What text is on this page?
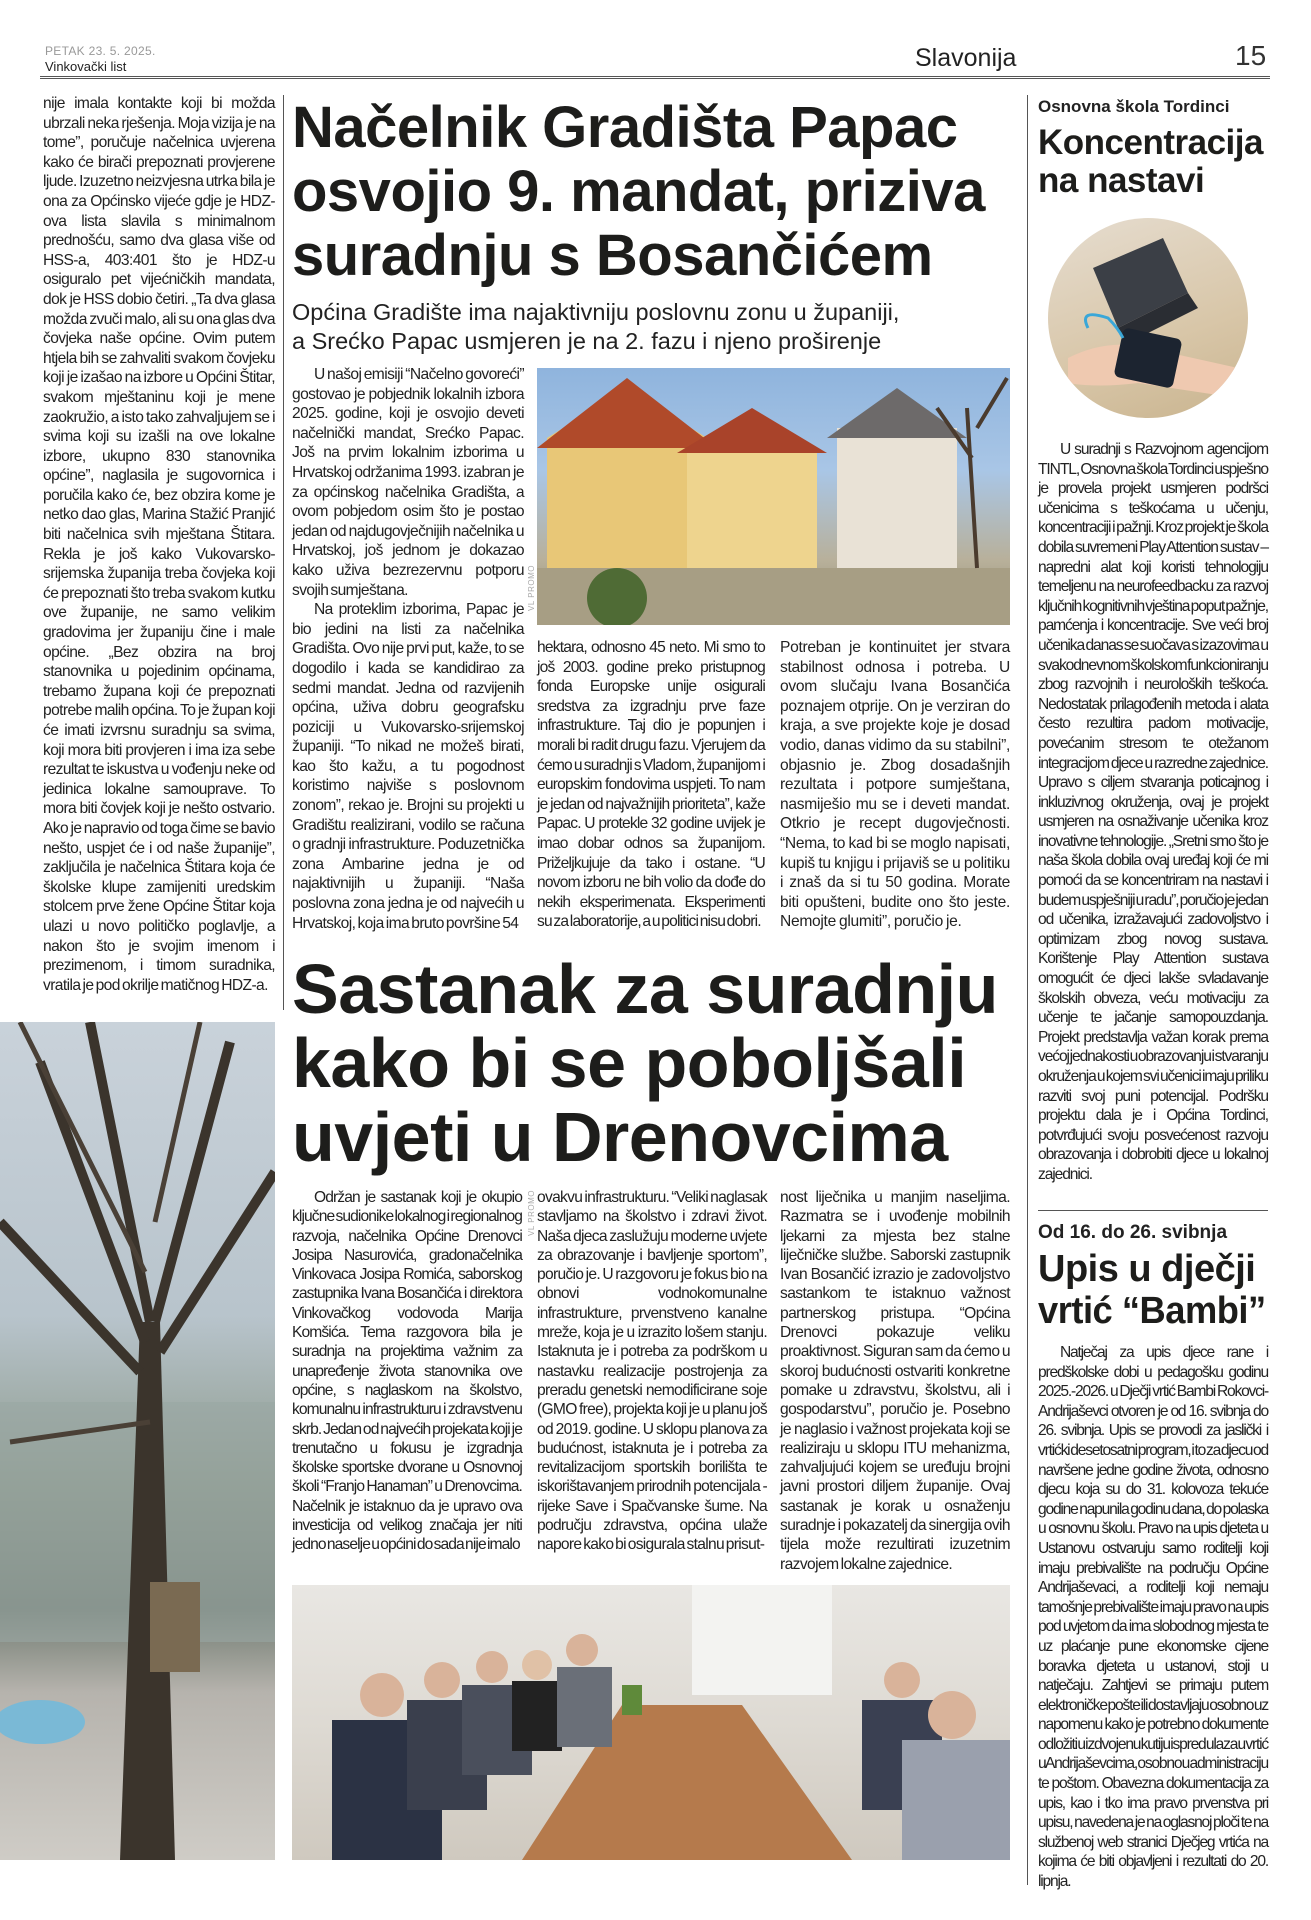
PETAK 23. 5. 2025.
Vinkovački list	Slavonija	15

nije imala kontakte koji bi možda ubrzali neka rješenja. Moja vizija je na tome”, poručuje načelnica uvjerena kako će birači prepoznati provjerene ljude. Izuzetno neizvjesna utrka bila je ona za Općinsko vijeće gdje je HDZ-ova lista slavila s minimalnom prednošću, samo dva glasa više od HSS-a, 403:401 što je HDZ-u osiguralo pet vijećničkih mandata, dok je HSS dobio četiri. „Ta dva glasa možda zvuči malo, ali su ona glas dva čovjeka naše općine. Ovim putem htjela bih se zahvaliti svakom čovjeku koji je izašao na izbore u Općini Štitar, svakom mještaninu koji je mene zaokružio, a isto tako zahvaljujem se i svima koji su izašli na ove lokalne izbore, ukupno 830 stanovnika općine”, naglasila je sugovornica i poručila kako će, bez obzira kome je netko dao glas, Marina Stažić Pranjić biti načelnica svih mještana Štitara. Rekla je još kako Vukovarsko-srijemska županija treba čovjeka koji će prepoznati što treba svakom kutku ove županije, ne samo velikim gradovima jer županiju čine i male općine. „Bez obzira na broj stanovnika u pojedinim općinama, trebamo župana koji će prepoznati potrebe malih općina. To je župan koji će imati izvrsnu suradnju sa svima, koji mora biti provjeren i ima iza sebe rezultat te iskustva u vođenju neke od jedinica lokalne samouprave. To mora biti čovjek koji je nešto ostvario. Ako je napravio od toga čime se bavio nešto, uspjet će i od naše županije”, zaključila je načelnica Štitara koja će školske klupe zamijeniti uredskim stolcem prve žene Općine Štitar koja ulazi u novo političko poglavlje, a nakon što je svojim imenom i prezimenom, i timom suradnika, vratila je pod okrilje matičnog HDZ-a.

Načelnik Gradišta Papac
osvojio 9. mandat, priziva
suradnju s Bosančićem
Općina Gradište ima najaktivniju poslovnu zonu u županiji,
a Srećko Papac usmjeren je na 2. fazu i njeno proširenje

U našoj emisiji “Načelno govoreći” gostovao je pobjednik lokalnih izbora 2025. godine, koji je osvojio deveti načelnički mandat, Srećko Papac. Još na prvim lokalnim izborima u Hrvatskoj održanima 1993. izabran je za općinskog načelnika Gradišta, a ovom pobjedom osim što je postao jedan od najdugovječnijih načelnika u Hrvatskoj, još jednom je dokazao kako uživa bezrezervnu potporu svojih sumještana.

Na proteklim izborima, Papac je bio jedini na listi za načelnika Gradišta. Ovo nije prvi put, kaže, to se dogodilo i kada se kandidirao za sedmi mandat. Jedna od razvijenih općina, uživa dobru geografsku poziciji u Vukovarsko-srijemskoj županiji. “To nikad ne možeš birati, kao što kažu, a tu pogodnost koristimo najviše s poslovnom zonom”, rekao je. Brojni su projekti u Gradištu realizirani, vodilo se računa o gradnji infrastrukture. Poduzetnička zona Ambarine jedna je od najaktivnijih u županiji. “Naša poslovna zona jedna je od najvećih u Hrvatskoj, koja ima bruto površine 54

VL PROMO

hektara, odnosno 45 neto. Mi smo to još 2003. godine preko pristupnog fonda Europske unije osigurali sredstva za izgradnju prve faze infrastrukture. Taj dio je popunjen i morali bi radit drugu fazu. Vjerujem da ćemo u suradnji s Vladom, županijom i europskim fondovima uspjeti. To nam je jedan od najvažnijih prioriteta”, kaže Papac. U protekle 32 godine uvijek je imao dobar odnos sa županijom. Priželjkujuje da tako i ostane. “U novom izboru ne bih volio da dođe do nekih eksperimenata. Eksperimenti su za laboratorije, a u politici nisu dobri.

Potreban je kontinuitet jer stvara stabilnost odnosa i potreba. U ovom slučaju Ivana Bosančića poznajem otprije. On je verziran do kraja, a sve projekte koje je dosad vodio, danas vidimo da su stabilni”, objasnio je. Zbog dosadašnjih rezultata i potpore sumještana, nasmiješio mu se i deveti mandat. Otkrio je recept dugovječnosti. “Nema, to kad bi se moglo napisati, kupiš tu knjigu i prijaviš se u politiku i znaš da si tu 50 godina. Morate biti opušteni, budite ono što jeste. Nemojte glumiti”, poručio je.

Sastanak za suradnju
kako bi se poboljšali
uvjeti u Drenovcima

Održan je sastanak koji je okupio ključne sudionike lokalnog i regionalnog razvoja, načelnika Općine Drenovci Josipa Nasurovića, gradonačelnika Vinkovaca Josipa Romića, saborskog zastupnika Ivana Bosančića i direktora Vinkovačkog vodovoda Marija Komšića. Tema razgovora bila je suradnja na projektima važnim za unapređenje života stanovnika ove općine, s naglaskom na školstvo, komunalnu infrastrukturu i zdravstvenu skrb. Jedan od najvećih projekata koji je trenutačno u fokusu je izgradnja školske sportske dvorane u Osnovnoj školi “Franjo Hanaman” u Drenovcima. Načelnik je istaknuo da je upravo ova investicija od velikog značaja jer niti jedno naselje u općini do sada nije imalo

VL PROMO ovakvu infrastrukturu. “Veliki naglasak stavljamo na školstvo i zdravi život. Naša djeca zaslužuju moderne uvjete za obrazovanje i bavljenje sportom”, poručio je. U razgovoru je fokus bio na obnovi vodnokomunalne infrastrukture, prvenstveno kanalne mreže, koja je u izrazito lošem stanju. Istaknuta je i potreba za podrškom u nastavku realizacije postrojenja za preradu genetski nemodificirane soje (GMO free), projekta koji je u planu još od 2019. godine. U sklopu planova za budućnost, istaknuta je i potreba za revitalizacijom sportskih borilišta te iskorištavanjem prirodnih potencijala - rijeke Save i Spačvanske šume. Na području zdravstva, općina ulaže napore kako bi osigurala stalnu prisut-

nost liječnika u manjim naseljima. Razmatra se i uvođenje mobilnih ljekarni za mjesta bez stalne liječničke službe. Saborski zastupnik Ivan Bosančić izrazio je zadovoljstvo sastankom te istaknuo važnost partnerskog pristupa. “Općina Drenovci pokazuje veliku proaktivnost. Siguran sam da ćemo u skoroj budućnosti ostvariti konkretne pomake u zdravstvu, školstvu, ali i gospodarstvu”, poručio je. Posebno je naglasio i važnost projekata koji se realiziraju u sklopu ITU mehanizma, zahvaljujući kojem se uređuju brojni javni prostori diljem županije. Ovaj sastanak je korak u osnaženju suradnje i pokazatelj da sinergija ovih tijela može rezultirati izuzetnim razvojem lokalne zajednice.

Osnovna škola Tordinci
Koncentracija
na nastavi

U suradnji s Razvojnom agencijom TINTL, Osnovna škola Tordinci uspješno je provela projekt usmjeren podršci učenicima s teškoćama u učenju, koncentraciji i pažnji. Kroz projekt je škola dobila suvremeni Play Attention sustav – napredni alat koji koristi tehnologiju temeljenu na neurofeedbacku za razvoj ključnih kognitivnih vještina poput pažnje, pamćenja i koncentracije. Sve veći broj učenika danas se suočava s izazovima u svakodnevnom školskom funkcioniranju zbog razvojnih i neuroloških teškoća. Nedostatak prilagođenih metoda i alata često rezultira padom motivacije, povećanim stresom te otežanom integracijom djece u razredne zajednice. Upravo s ciljem stvaranja poticajnog i inkluzivnog okruženja, ovaj je projekt usmjeren na osnaživanje učenika kroz inovativne tehnologije. „Sretni smo što je naša škola dobila ovaj uređaj koji će mi pomoći da se koncentriram na nastavi i budem uspješniji u radu”, poručio je jedan od učenika, izražavajući zadovoljstvo i optimizam zbog novog sustava. Korištenje Play Attention sustava omogućit će djeci lakše svladavanje školskih obveza, veću motivaciju za učenje te jačanje samopouzdanja. Projekt predstavlja važan korak prema većoj jednakosti u obrazovanju i stvaranju okruženja u kojem svi učenici imaju priliku razviti svoj puni potencijal. Podršku projektu dala je i Općina Tordinci, potvrđujući svoju posvećenost razvoju obrazovanja i dobrobiti djece u lokalnoj zajednici.

Od 16. do 26. svibnja
Upis u dječji
vrtić “Bambi”

Natječaj za upis djece rane i predškolske dobi u pedagošku godinu 2025.-2026. u Dječji vrtić Bambi Rokovci-Andrijaševci otvoren je od 16. svibnja do 26. svibnja. Upis se provodi za jaslički i vrtićki desetosatni program, i to za djecu od navršene jedne godine života, odnosno djecu koja su do 31. kolovoza tekuće godine napunila godinu dana, do polaska u osnovnu školu. Pravo na upis djeteta u Ustanovu ostvaruju samo roditelji koji imaju prebivalište na području Općine Andrijaševaci, a roditelji koji nemaju tamošnje prebivalište imaju pravo na upis pod uvjetom da ima slobodnog mjesta te uz plaćanje pune ekonomske cijene boravka djeteta u ustanovi, stoji u natječaju. Zahtjevi se primaju putem elektroničke pošte ili dostavljaju osobno uz napomenu kako je potrebno dokumente odložiti u izdvojenu kutiju ispred ulaza u vrtić u Andrijaševcima, osobno u administraciju te poštom. Obavezna dokumentacija za upis, kao i tko ima pravo prvenstva pri upisu, navedena je na oglasnoj ploči te na službenoj web stranici Dječjeg vrtića na kojima će biti objavljeni i rezultati do 20. lipnja.
